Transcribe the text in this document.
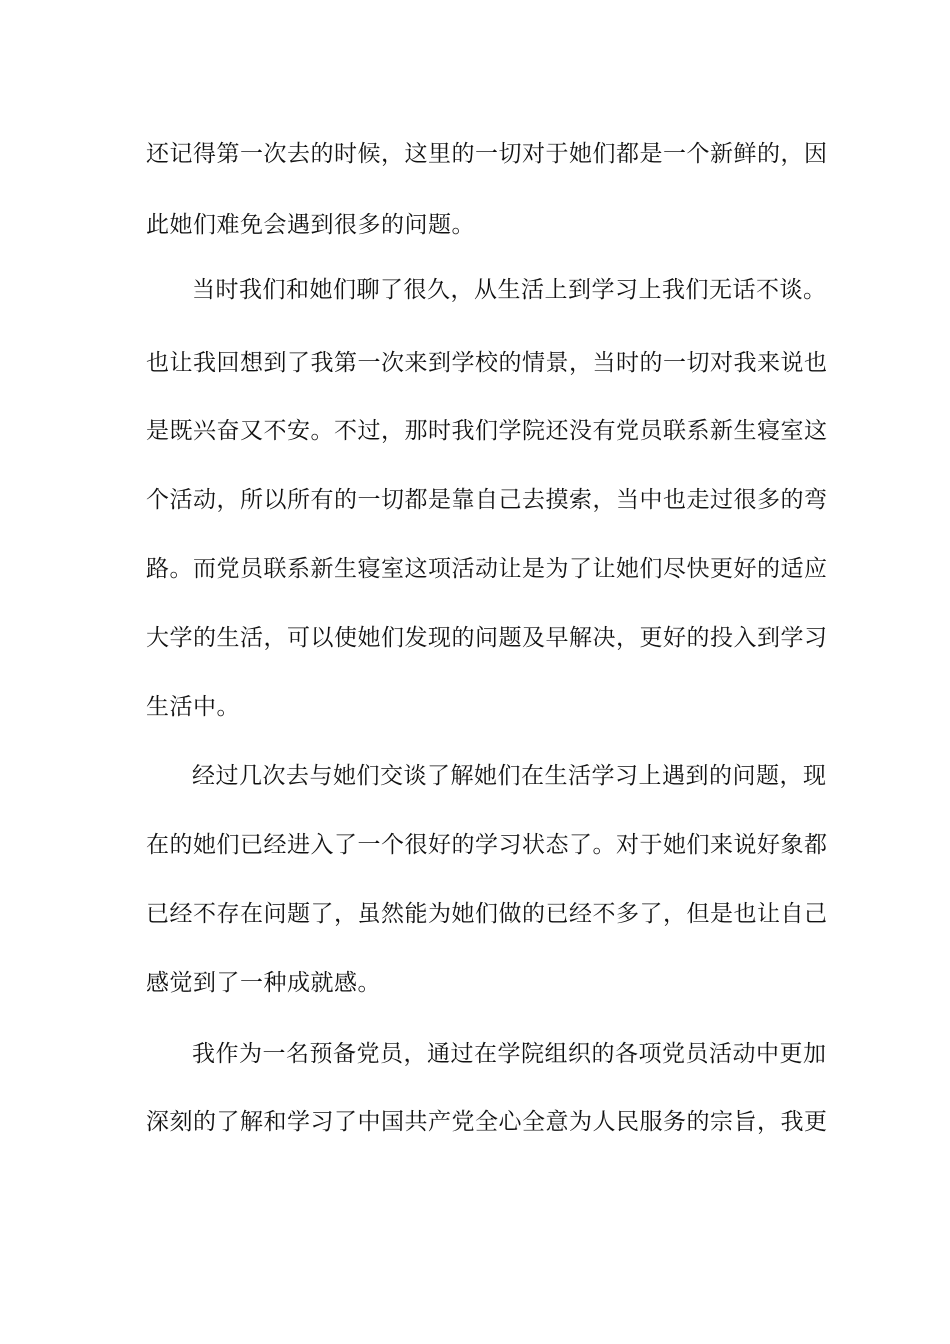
还记得第一次去的时候，这里的一切对于她们都是一个新鲜的，因
此她们难免会遇到很多的问题。
当时我们和她们聊了很久，从生活上到学习上我们无话不谈。
也让我回想到了我第一次来到学校的情景，当时的一切对我来说也
是既兴奋又不安。不过，那时我们学院还没有党员联系新生寝室这
个活动，所以所有的一切都是靠自己去摸索，当中也走过很多的弯
路。而党员联系新生寝室这项活动让是为了让她们尽快更好的适应
大学的生活，可以使她们发现的问题及早解决，更好的投入到学习
生活中。
经过几次去与她们交谈了解她们在生活学习上遇到的问题，现
在的她们已经进入了一个很好的学习状态了。对于她们来说好象都
已经不存在问题了，虽然能为她们做的已经不多了，但是也让自己
感觉到了一种成就感。
我作为一名预备党员，通过在学院组织的各项党员活动中更加
深刻的了解和学习了中国共产党全心全意为人民服务的宗旨，我更
